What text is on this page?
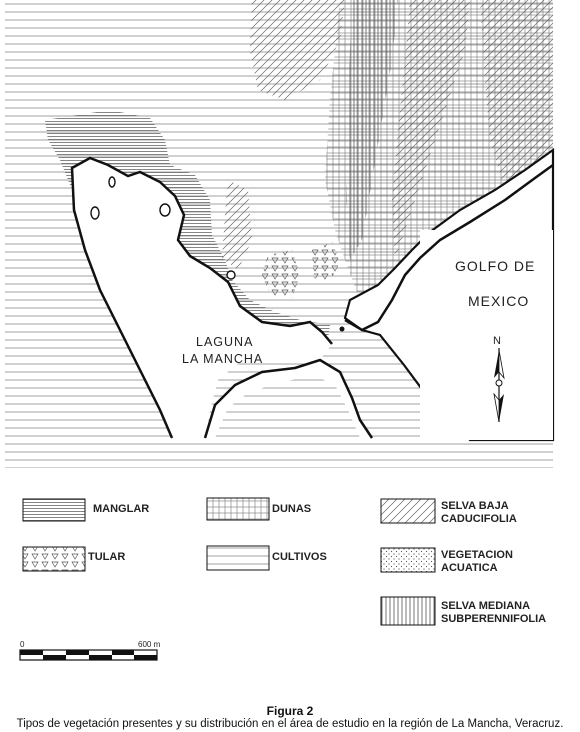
GOLFO DE
MEXICO
LAGUNA
LA MANCHA
N
MANGLAR	DUNAS	SELVA BAJA
CADUCIFOLIA
TULAR	CULTIVOS	VEGETACION
ACUATICA
SELVA MEDIANA
SUBPERENNIFOLIA
0	600 m
Figura 2
Tipos de vegetación presentes y su distribución en el área de estudio en la región de La Mancha, Veracruz.
